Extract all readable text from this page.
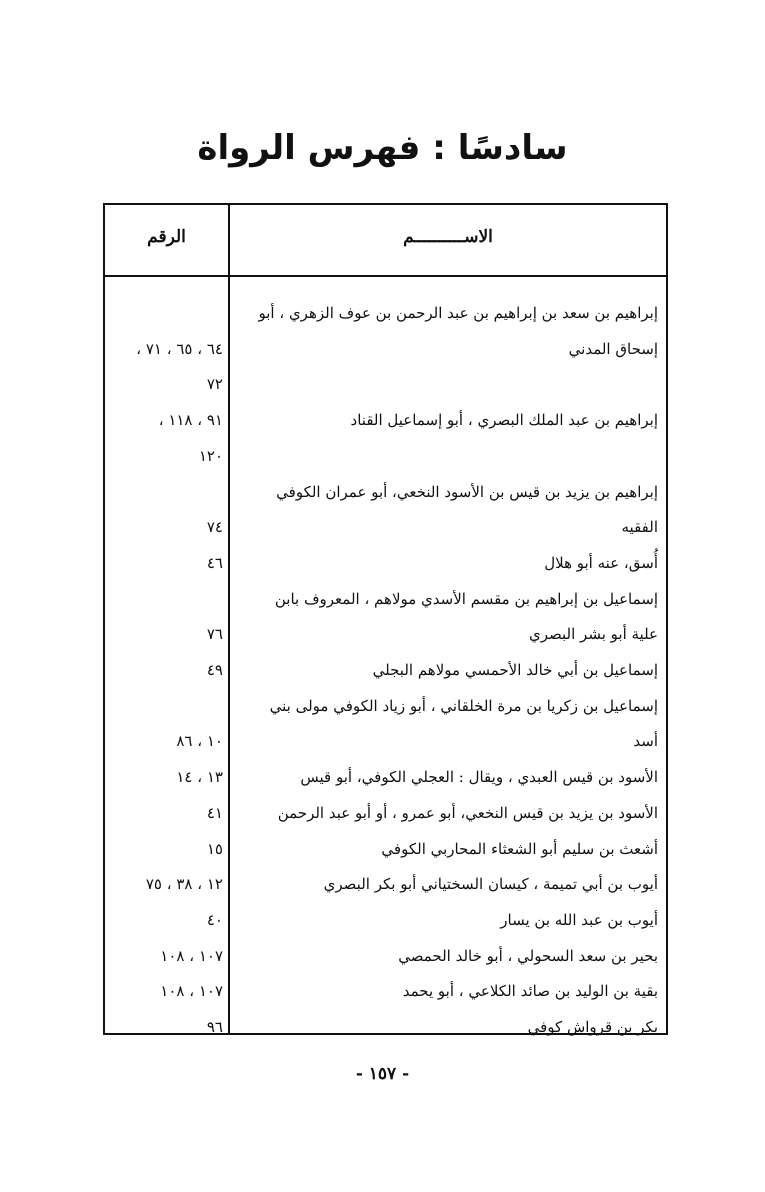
سادسًا : فهرس الرواة
الاســــــــــم
الرقم
إبراهيم بن سعد بن إبراهيم بن عبد الرحمن بن عوف الزهري ، أبو
إسحاق المدني
٦٤ ، ٦٥ ، ٧١ ،
٧٢
إبراهيم بن عبد الملك البصري ، أبو إسماعيل القناد
٩١ ، ١١٨ ،
١٢٠
إبراهيم بن يزيد بن قيس بن الأسود النخعي، أبو عمران الكوفي
الفقيه
٧٤
أُسق، عنه أبو هلال
٤٦
إسماعيل بن إبراهيم بن مقسم الأسدي مولاهم ، المعروف بابن
علية أبو بشر البصري
٧٦
إسماعيل بن أبي خالد الأحمسي مولاهم البجلي
٤٩
إسماعيل بن زكريا بن مرة الخلقاني ، أبو زياد الكوفي مولى بني
أسد
١٠ ، ٨٦
الأسود بن قيس العبدي ، ويقال : العجلي الكوفي، أبو قيس
١٣ ، ١٤
الأسود بن يزيد بن قيس النخعي، أبو عمرو ، أو أبو عبد الرحمن
٤١
أشعث بن سليم أبو الشعثاء المحاربي الكوفي
١٥
أيوب بن أبي تميمة ، كيسان السختياني أبو بكر البصري
١٢ ، ٣٨ ، ٧٥
أيوب بن عبد الله بن يسار
٤٠
بحير بن سعد السحولي ، أبو خالد الحمصي
١٠٧ ، ١٠٨
بقية بن الوليد بن صائد الكلاعي ، أبو يحمد
١٠٧ ، ١٠٨
بكر بن قرواش كوفي
٩٦
- ١٥٧ -
